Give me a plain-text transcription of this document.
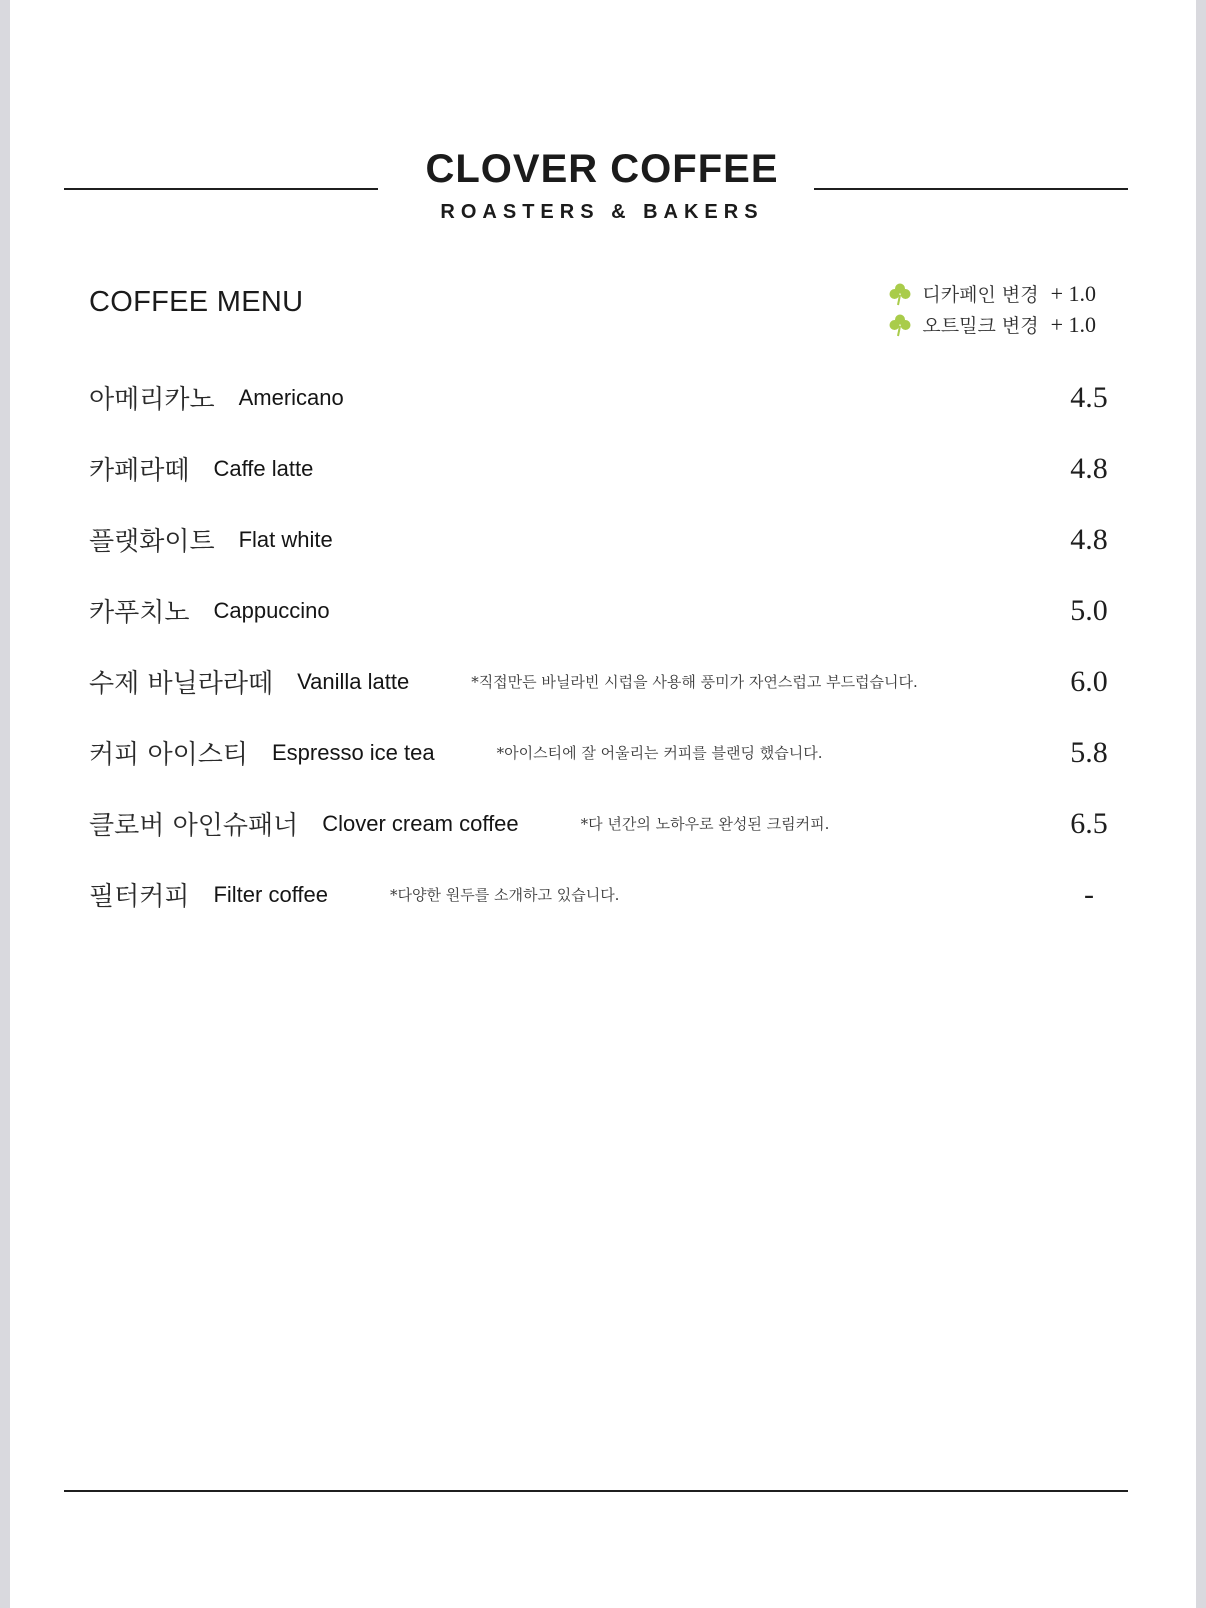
CLOVER COFFEE
ROASTERS & BAKERS
COFFEE MENU	디카페인 변경 + 1.0
오트밀크 변경 + 1.0
아메리카노 Americano	4.5
카페라떼 Caffe latte	4.8
플랫화이트 Flat white	4.8
카푸치노 Cappuccino	5.0
수제 바닐라라떼 Vanilla latte	*직접만든 바닐라빈 시럽을 사용해 풍미가 자연스럽고 부드럽습니다.	6.0
커피 아이스티 Espresso ice tea	*아이스티에 잘 어울리는 커피를 블랜딩 했습니다.	5.8
클로버 아인슈패너 Clover cream coffee	*다 년간의 노하우로 완성된 크림커피.	6.5
필터커피 Filter coffee	*다양한 원두를 소개하고 있습니다.	-
